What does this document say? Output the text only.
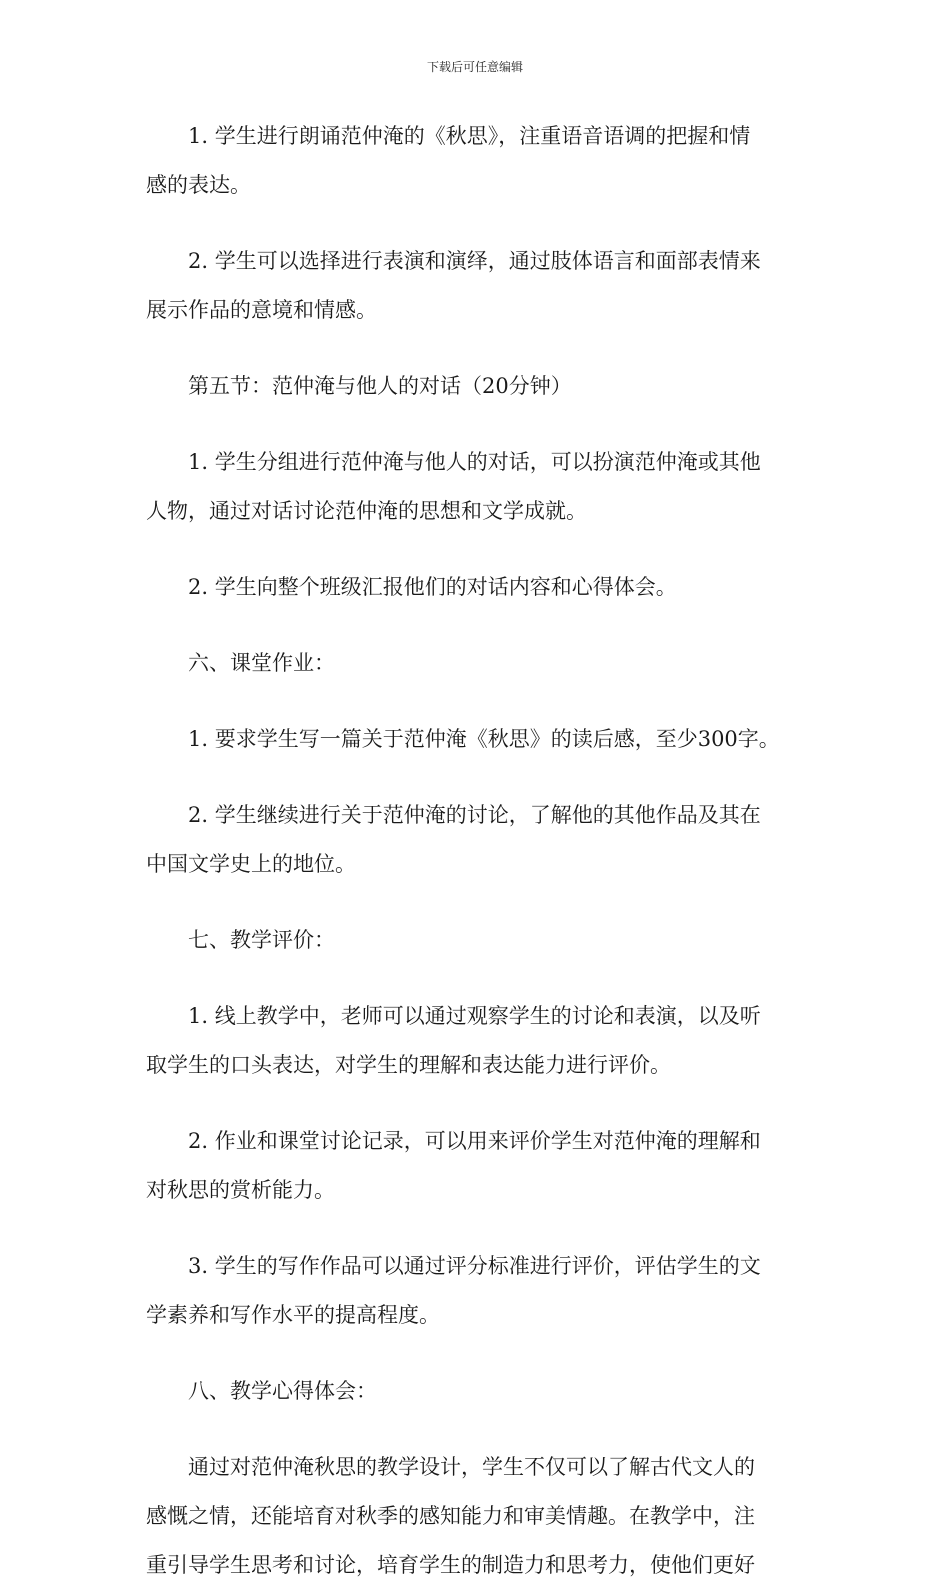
下载后可任意编辑
1. 学生进行朗诵范仲淹的《秋思》，注重语音语调的把握和情
感的表达。
2. 学生可以选择进行表演和演绎，通过肢体语言和面部表情来
展示作品的意境和情感。
第五节：范仲淹与他人的对话（20分钟）
1. 学生分组进行范仲淹与他人的对话，可以扮演范仲淹或其他
人物，通过对话讨论范仲淹的思想和文学成就。
2. 学生向整个班级汇报他们的对话内容和心得体会。
六、课堂作业：
1. 要求学生写一篇关于范仲淹《秋思》的读后感，至少300字。
2. 学生继续进行关于范仲淹的讨论，了解他的其他作品及其在
中国文学史上的地位。
七、教学评价：
1. 线上教学中，老师可以通过观察学生的讨论和表演，以及听
取学生的口头表达，对学生的理解和表达能力进行评价。
2. 作业和课堂讨论记录，可以用来评价学生对范仲淹的理解和
对秋思的赏析能力。
3. 学生的写作作品可以通过评分标准进行评价，评估学生的文
学素养和写作水平的提高程度。
八、教学心得体会：
通过对范仲淹秋思的教学设计，学生不仅可以了解古代文人的
感慨之情，还能培育对秋季的感知能力和审美情趣。在教学中，注
重引导学生思考和讨论，培育学生的制造力和思考力，使他们更好
